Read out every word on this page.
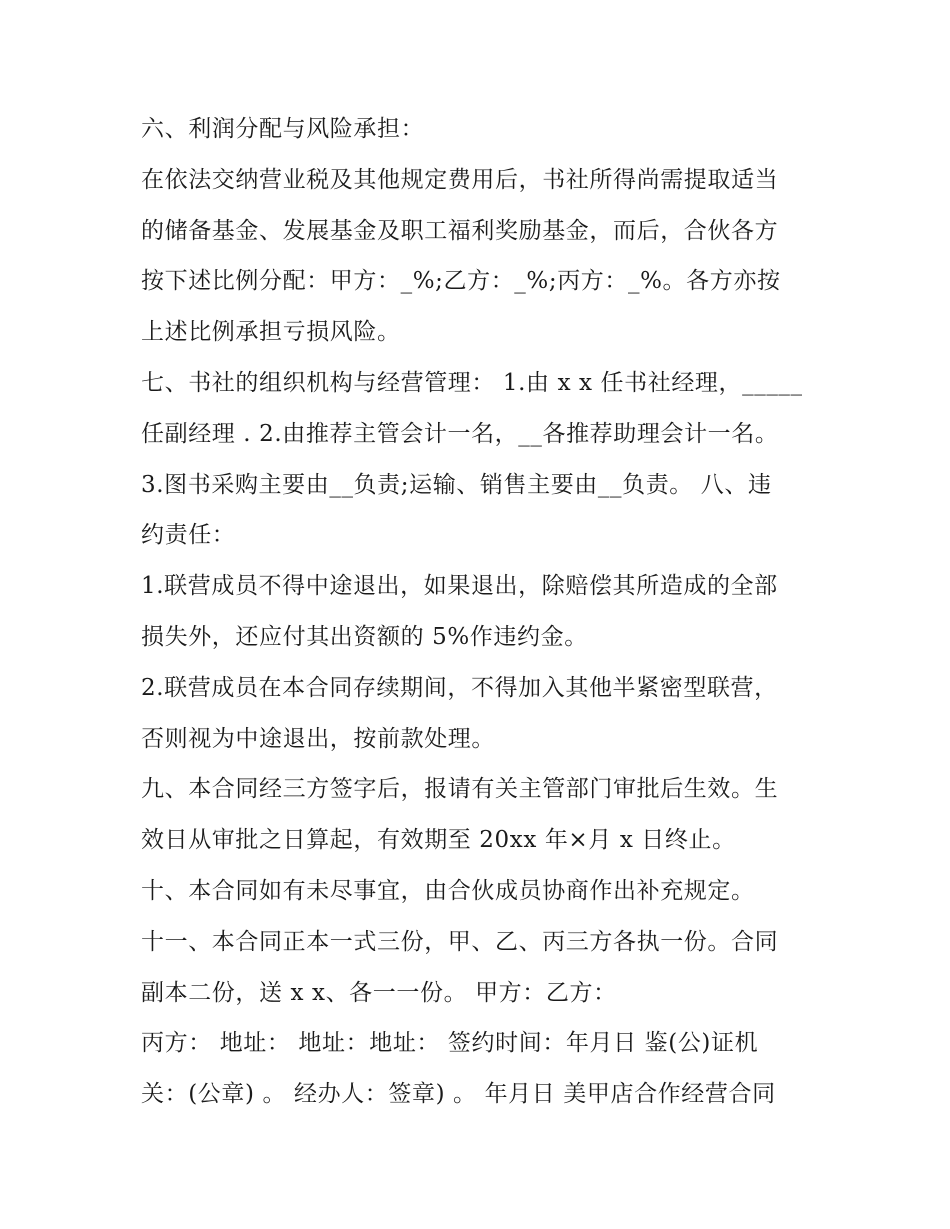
六、利润分配与风险承担：
在依法交纳营业税及其他规定费用后，书社所得尚需提取适当
的储备基金、发展基金及职工福利奖励基金，而后，合伙各方
按下述比例分配：甲方：_%;乙方：_%;丙方：_%。各方亦按
上述比例承担亏损风险。
七、书社的组织机构与经营管理： 1.由 x x 任书社经理，_____
任副经理 . 2.由推荐主管会计一名，__各推荐助理会计一名。
3.图书采购主要由__负责;运输、销售主要由__负责。 八、违
约责任：
1.联营成员不得中途退出，如果退出，除赔偿其所造成的全部
损失外，还应付其出资额的 5%作违约金。
2.联营成员在本合同存续期间，不得加入其他半紧密型联营，
否则视为中途退出，按前款处理。
九、本合同经三方签字后，报请有关主管部门审批后生效。生
效日从审批之日算起，有效期至 20xx 年×月 x 日终止。
十、本合同如有未尽事宜，由合伙成员协商作出补充规定。
十一、本合同正本一式三份，甲、乙、丙三方各执一份。合同
副本二份，送 x x、各一一份。 甲方：乙方：
丙方： 地址： 地址：地址： 签约时间：年月日 鉴(公)证机
关：(公章) 。 经办人：签章) 。 年月日 美甲店合作经营合同
